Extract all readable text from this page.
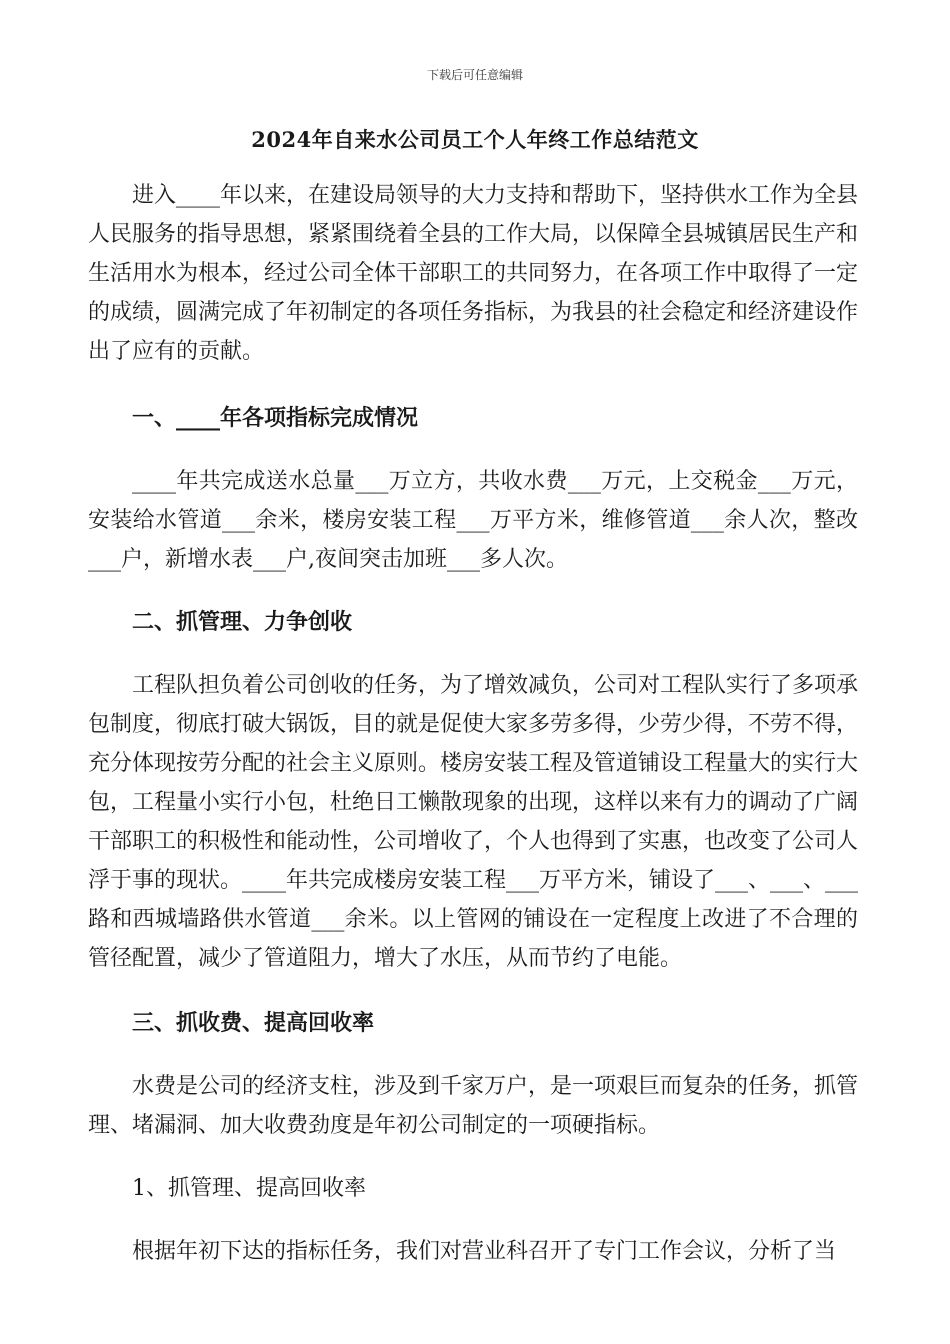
下载后可任意编辑
2024年自来水公司员工个人年终工作总结范文

进入____年以来，在建设局领导的大力支持和帮助下，坚持供水工作为全县人民服务的指导思想，紧紧围绕着全县的工作大局，以保障全县城镇居民生产和生活用水为根本，经过公司全体干部职工的共同努力，在各项工作中取得了一定的成绩，圆满完成了年初制定的各项任务指标，为我县的社会稳定和经济建设作出了应有的贡献。

一、____年各项指标完成情况

____年共完成送水总量___万立方，共收水费___万元，上交税金___万元，安装给水管道___余米，楼房安装工程___万平方米，维修管道___余人次，整改___户，新增水表___户,夜间突击加班___多人次。

二、抓管理、力争创收

工程队担负着公司创收的任务，为了增效减负，公司对工程队实行了多项承包制度，彻底打破大锅饭，目的就是促使大家多劳多得，少劳少得，不劳不得，充分体现按劳分配的社会主义原则。楼房安装工程及管道铺设工程量大的实行大包，工程量小实行小包，杜绝日工懒散现象的出现，这样以来有力的调动了广阔干部职工的积极性和能动性，公司增收了，个人也得到了实惠，也改变了公司人浮于事的现状。____年共完成楼房安装工程___万平方米，铺设了___、___、___路和西城墙路供水管道___余米。以上管网的铺设在一定程度上改进了不合理的管径配置，减少了管道阻力，增大了水压，从而节约了电能。

三、抓收费、提高回收率

水费是公司的经济支柱，涉及到千家万户，是一项艰巨而复杂的任务，抓管理、堵漏洞、加大收费劲度是年初公司制定的一项硬指标。

1、抓管理、提高回收率

根据年初下达的指标任务，我们对营业科召开了专门工作会议，分析了当
